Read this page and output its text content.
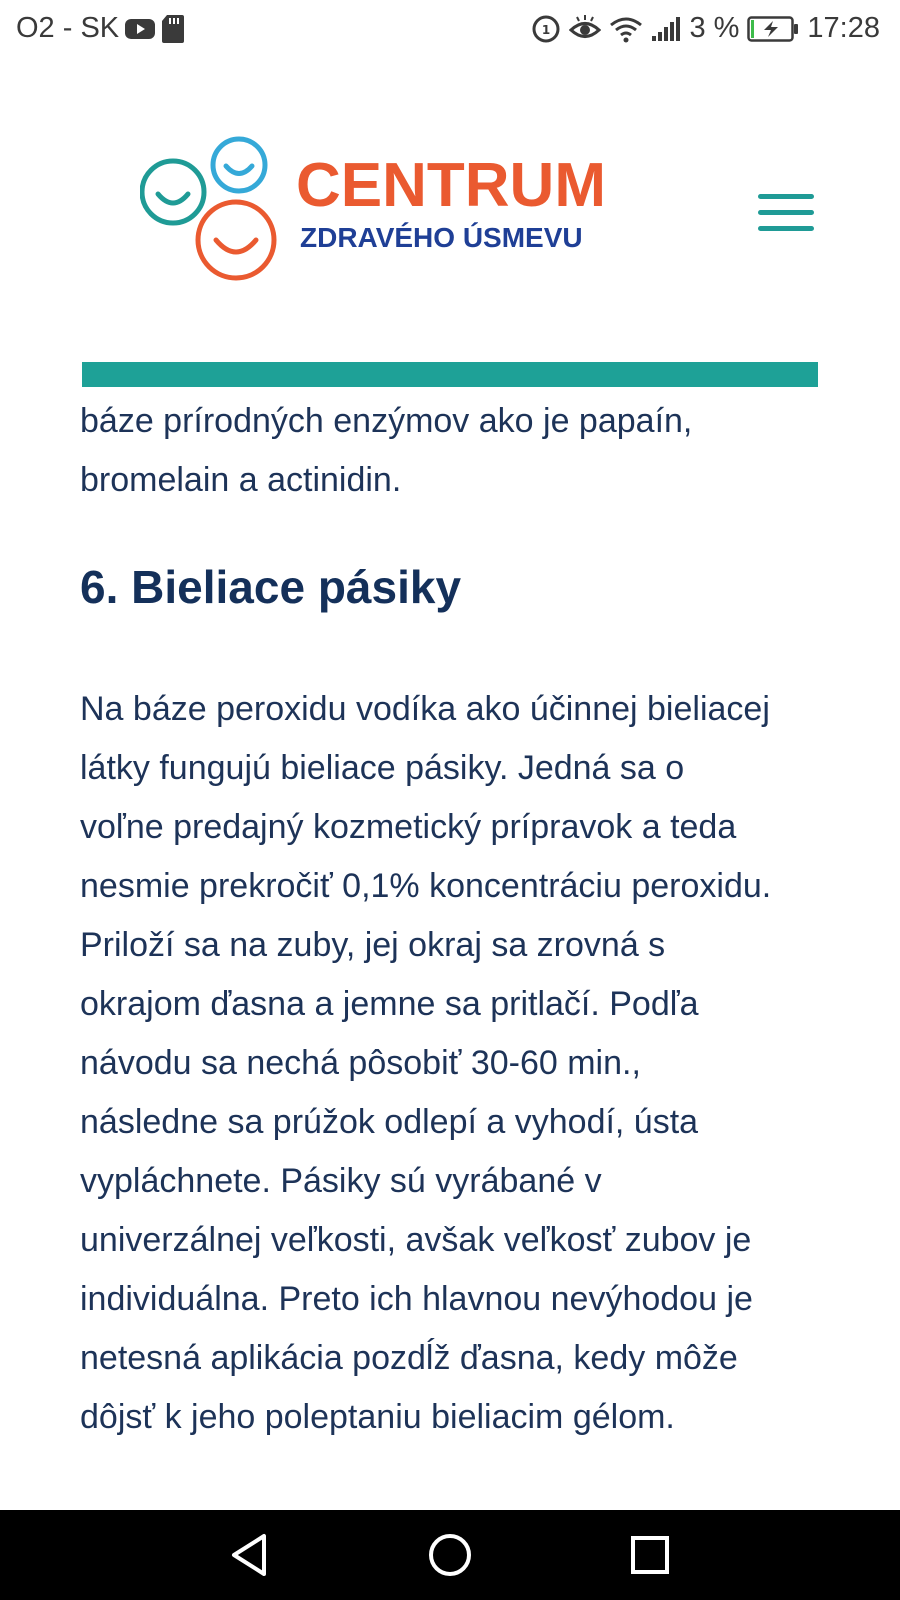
O2 - SK	1	3 % 17:28
CENTRUM
ZDRAVÉHO ÚSMEVU

báze prírodných enzýmov ako je papaín,

bromelain a actinidin.

6. Bieliace pásiky

Na báze peroxidu vodíka ako účinnej bieliacej

látky fungujú bieliace pásiky. Jedná sa o

voľne predajný kozmetický prípravok a teda

nesmie prekročiť 0,1% koncentráciu peroxidu.

Priloží sa na zuby, jej okraj sa zrovná s

okrajom ďasna a jemne sa pritlačí. Podľa

návodu sa nechá pôsobiť 30-60 min.,

následne sa prúžok odlepí a vyhodí, ústa

vypláchnete. Pásiky sú vyrábané v

univerzálnej veľkosti, avšak veľkosť zubov je

individuálna. Preto ich hlavnou nevýhodou je

netesná aplikácia pozdĺž ďasna, kedy môže

dôjsť k jeho poleptaniu bieliacim gélom.
